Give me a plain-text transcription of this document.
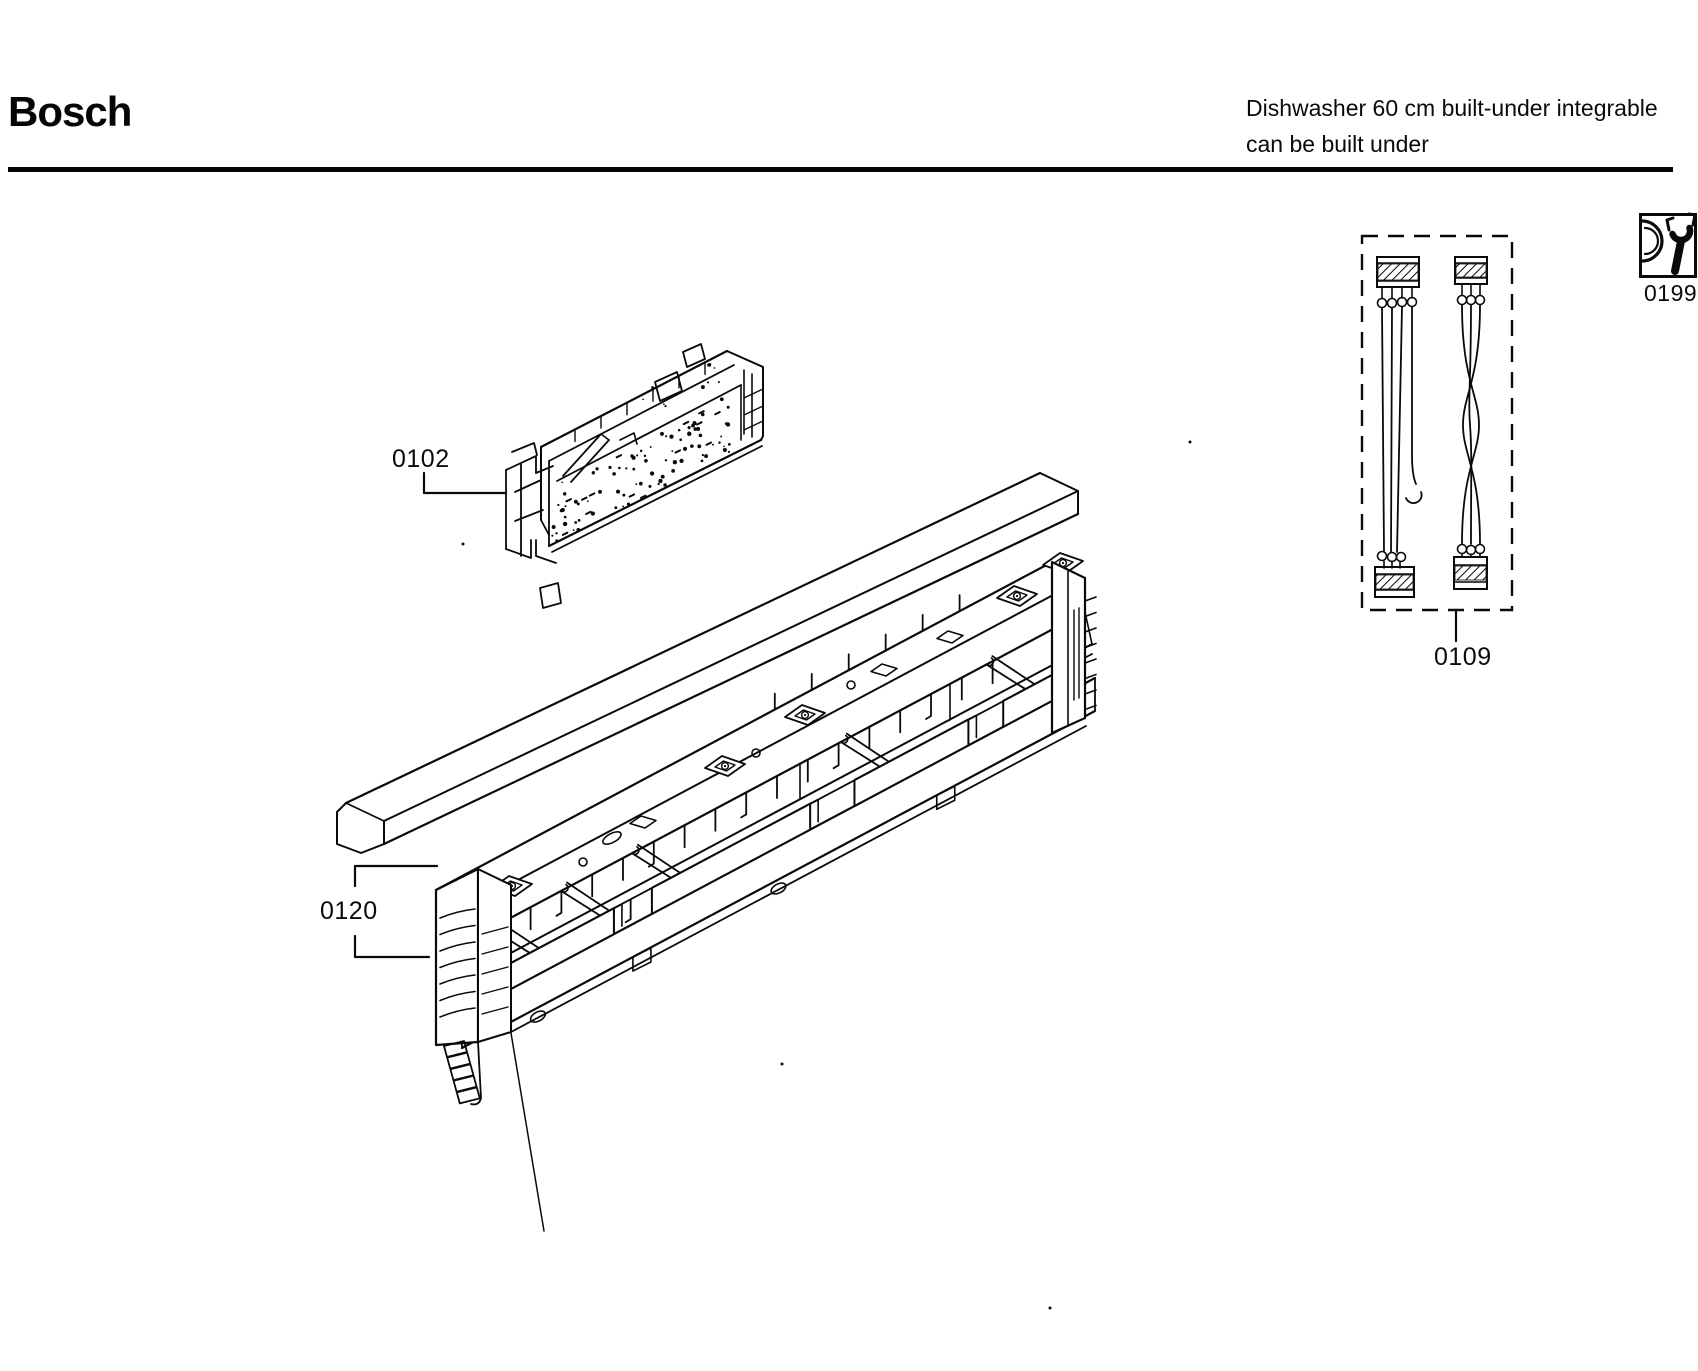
Bosch	Dishwasher 60 cm built-under integrable
can be built under
0102
0120
0109
0199
